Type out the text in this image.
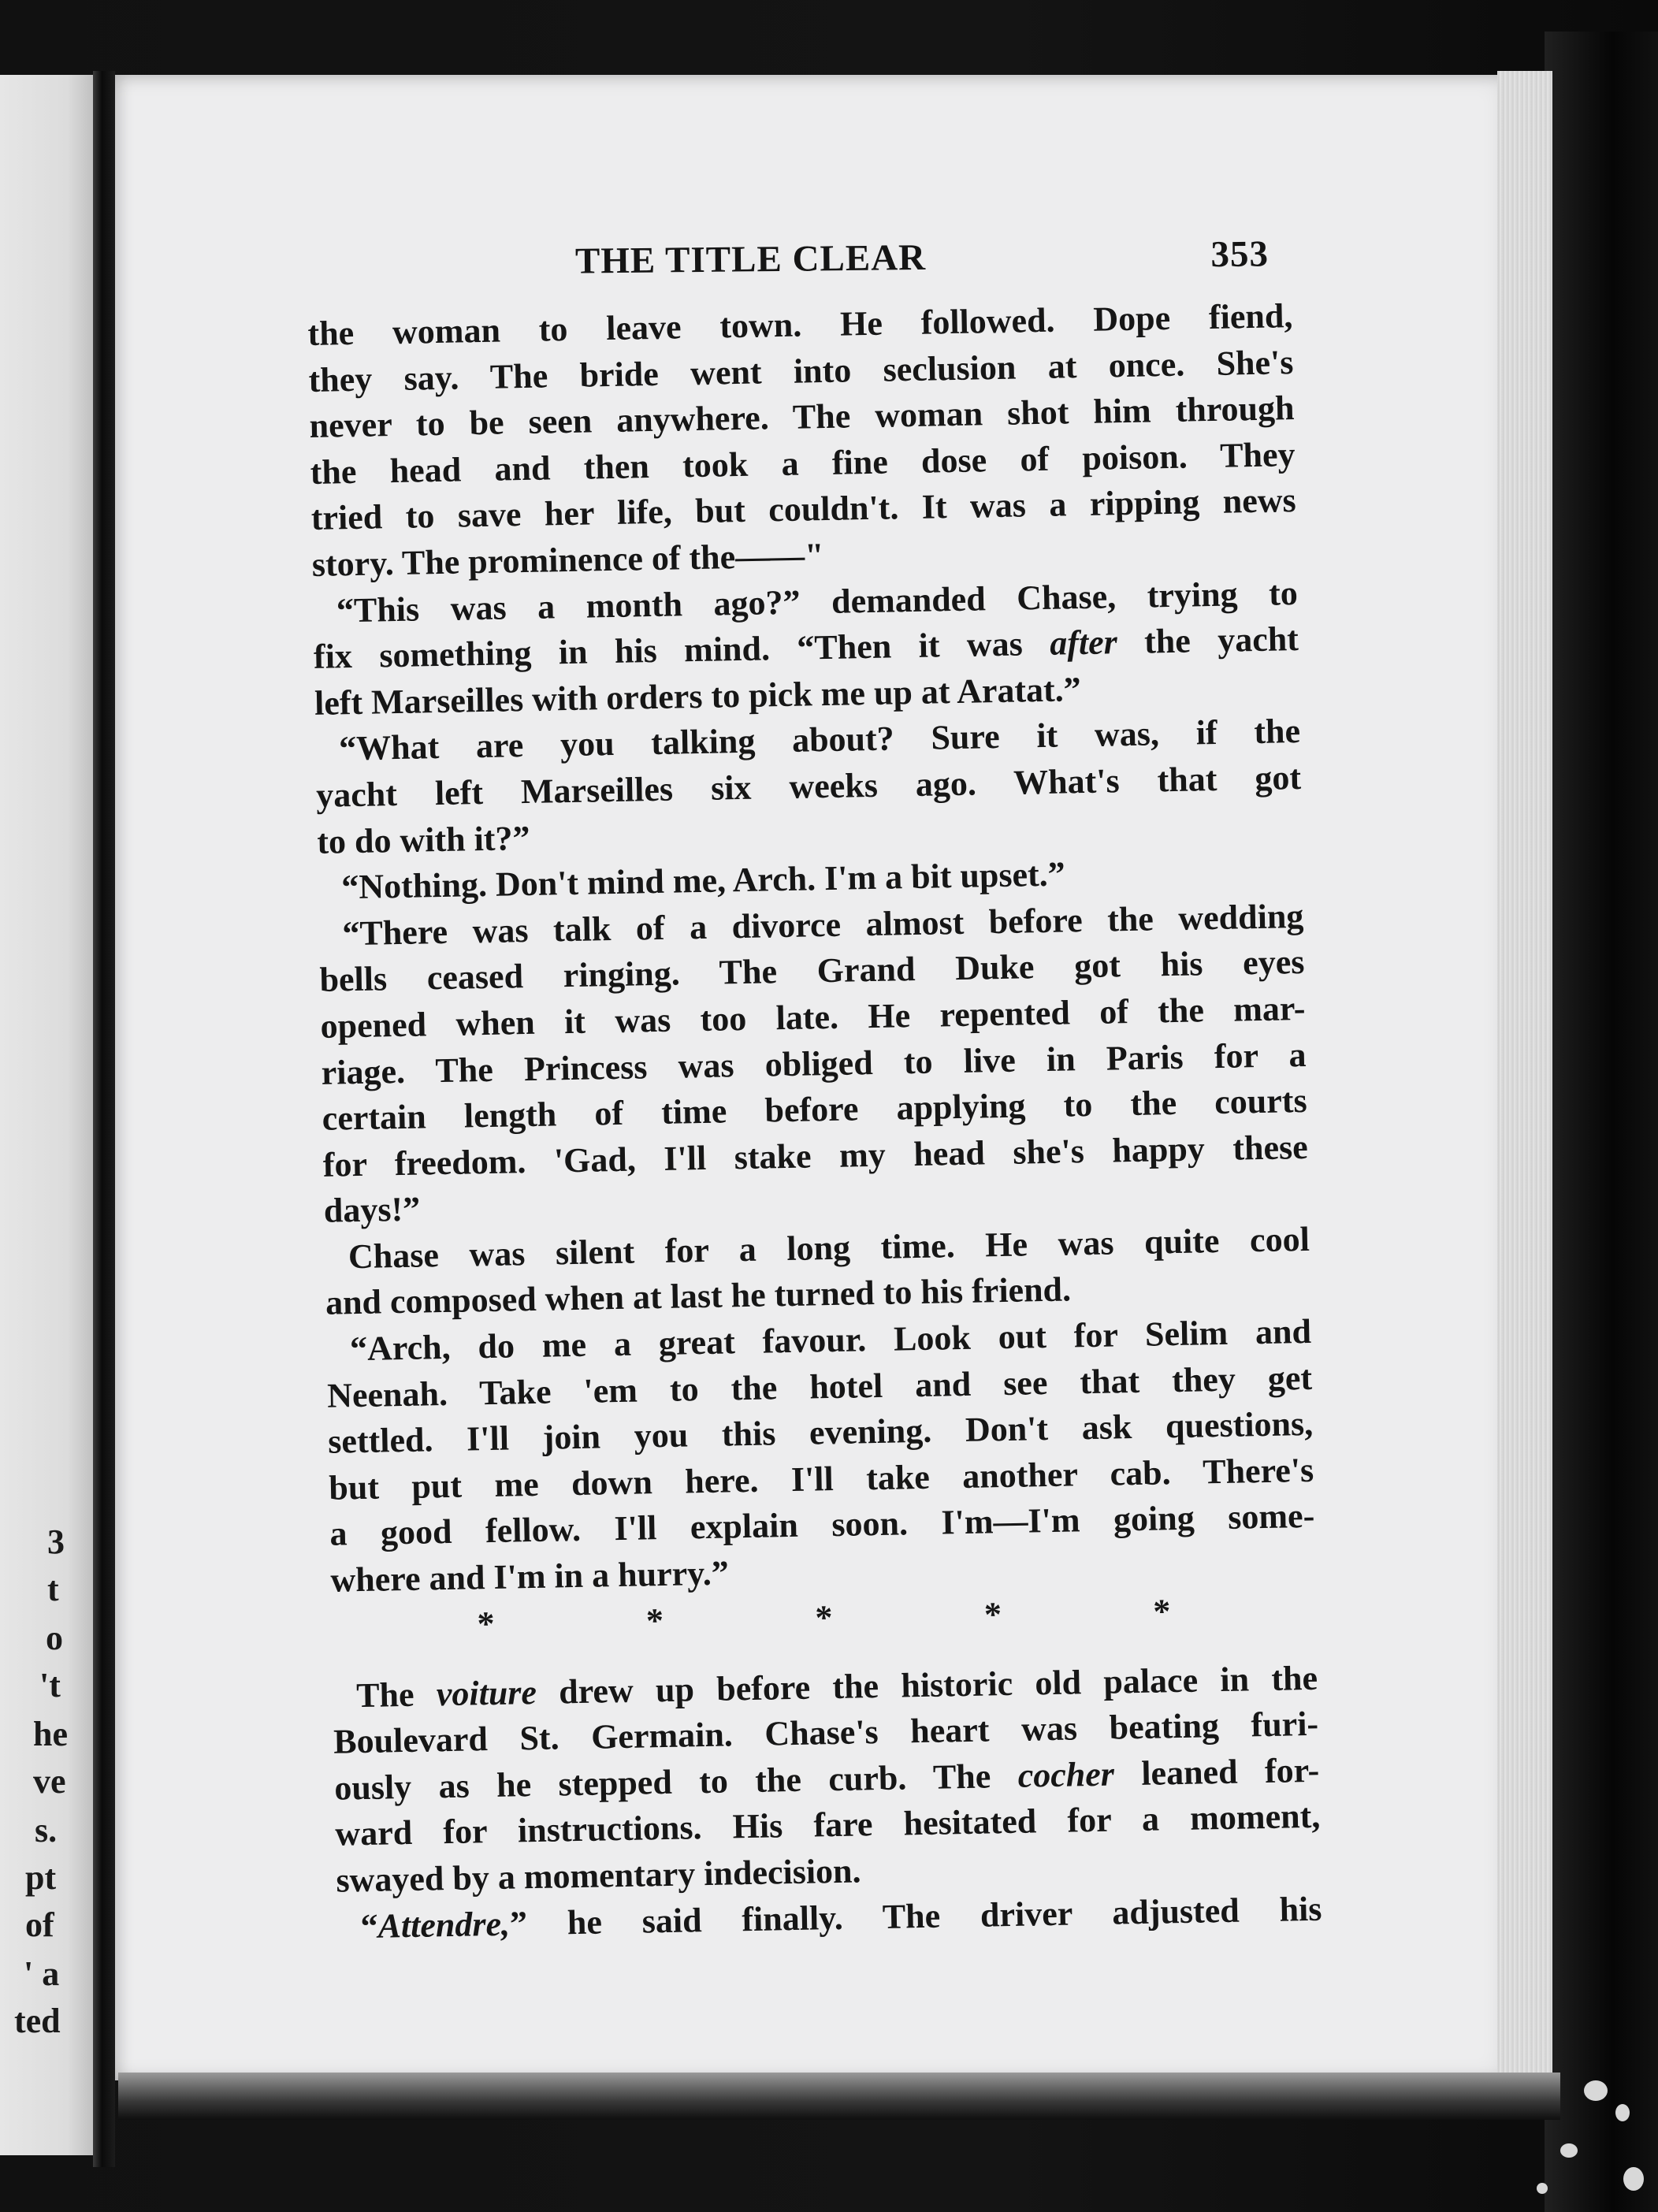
3
t
o
't
he
ve
s.
pt
of
' a
ted
THE TITLE CLEAR	353
the woman to leave town. He followed. Dope fiend,
they say. The bride went into seclusion at once. She's
never to be seen anywhere. The woman shot him through
the head and then took a fine dose of poison. They
tried to save her life, but couldn't. It was a ripping news
story. The prominence of the——"
“This was a month ago?” demanded Chase, trying to
fix something in his mind. “Then it was after the yacht
left Marseilles with orders to pick me up at Aratat.”
“What are you talking about? Sure it was, if the
yacht left Marseilles six weeks ago. What's that got
to do with it?”
“Nothing. Don't mind me, Arch. I'm a bit upset.”
“There was talk of a divorce almost before the wedding
bells ceased ringing. The Grand Duke got his eyes
opened when it was too late. He repented of the mar-
riage. The Princess was obliged to live in Paris for a
certain length of time before applying to the courts
for freedom. 'Gad, I'll stake my head she's happy these
days!”
Chase was silent for a long time. He was quite cool
and composed when at last he turned to his friend.
“Arch, do me a great favour. Look out for Selim and
Neenah. Take 'em to the hotel and see that they get
settled. I'll join you this evening. Don't ask questions,
but put me down here. I'll take another cab. There's
a good fellow. I'll explain soon. I'm—I'm going some-
where and I'm in a hurry.”
*	*	*	*	*
The voiture drew up before the historic old palace in the
Boulevard St. Germain. Chase's heart was beating furi-
ously as he stepped to the curb. The cocher leaned for-
ward for instructions. His fare hesitated for a moment,
swayed by a momentary indecision.
“Attendre,” he said finally. The driver adjusted his
